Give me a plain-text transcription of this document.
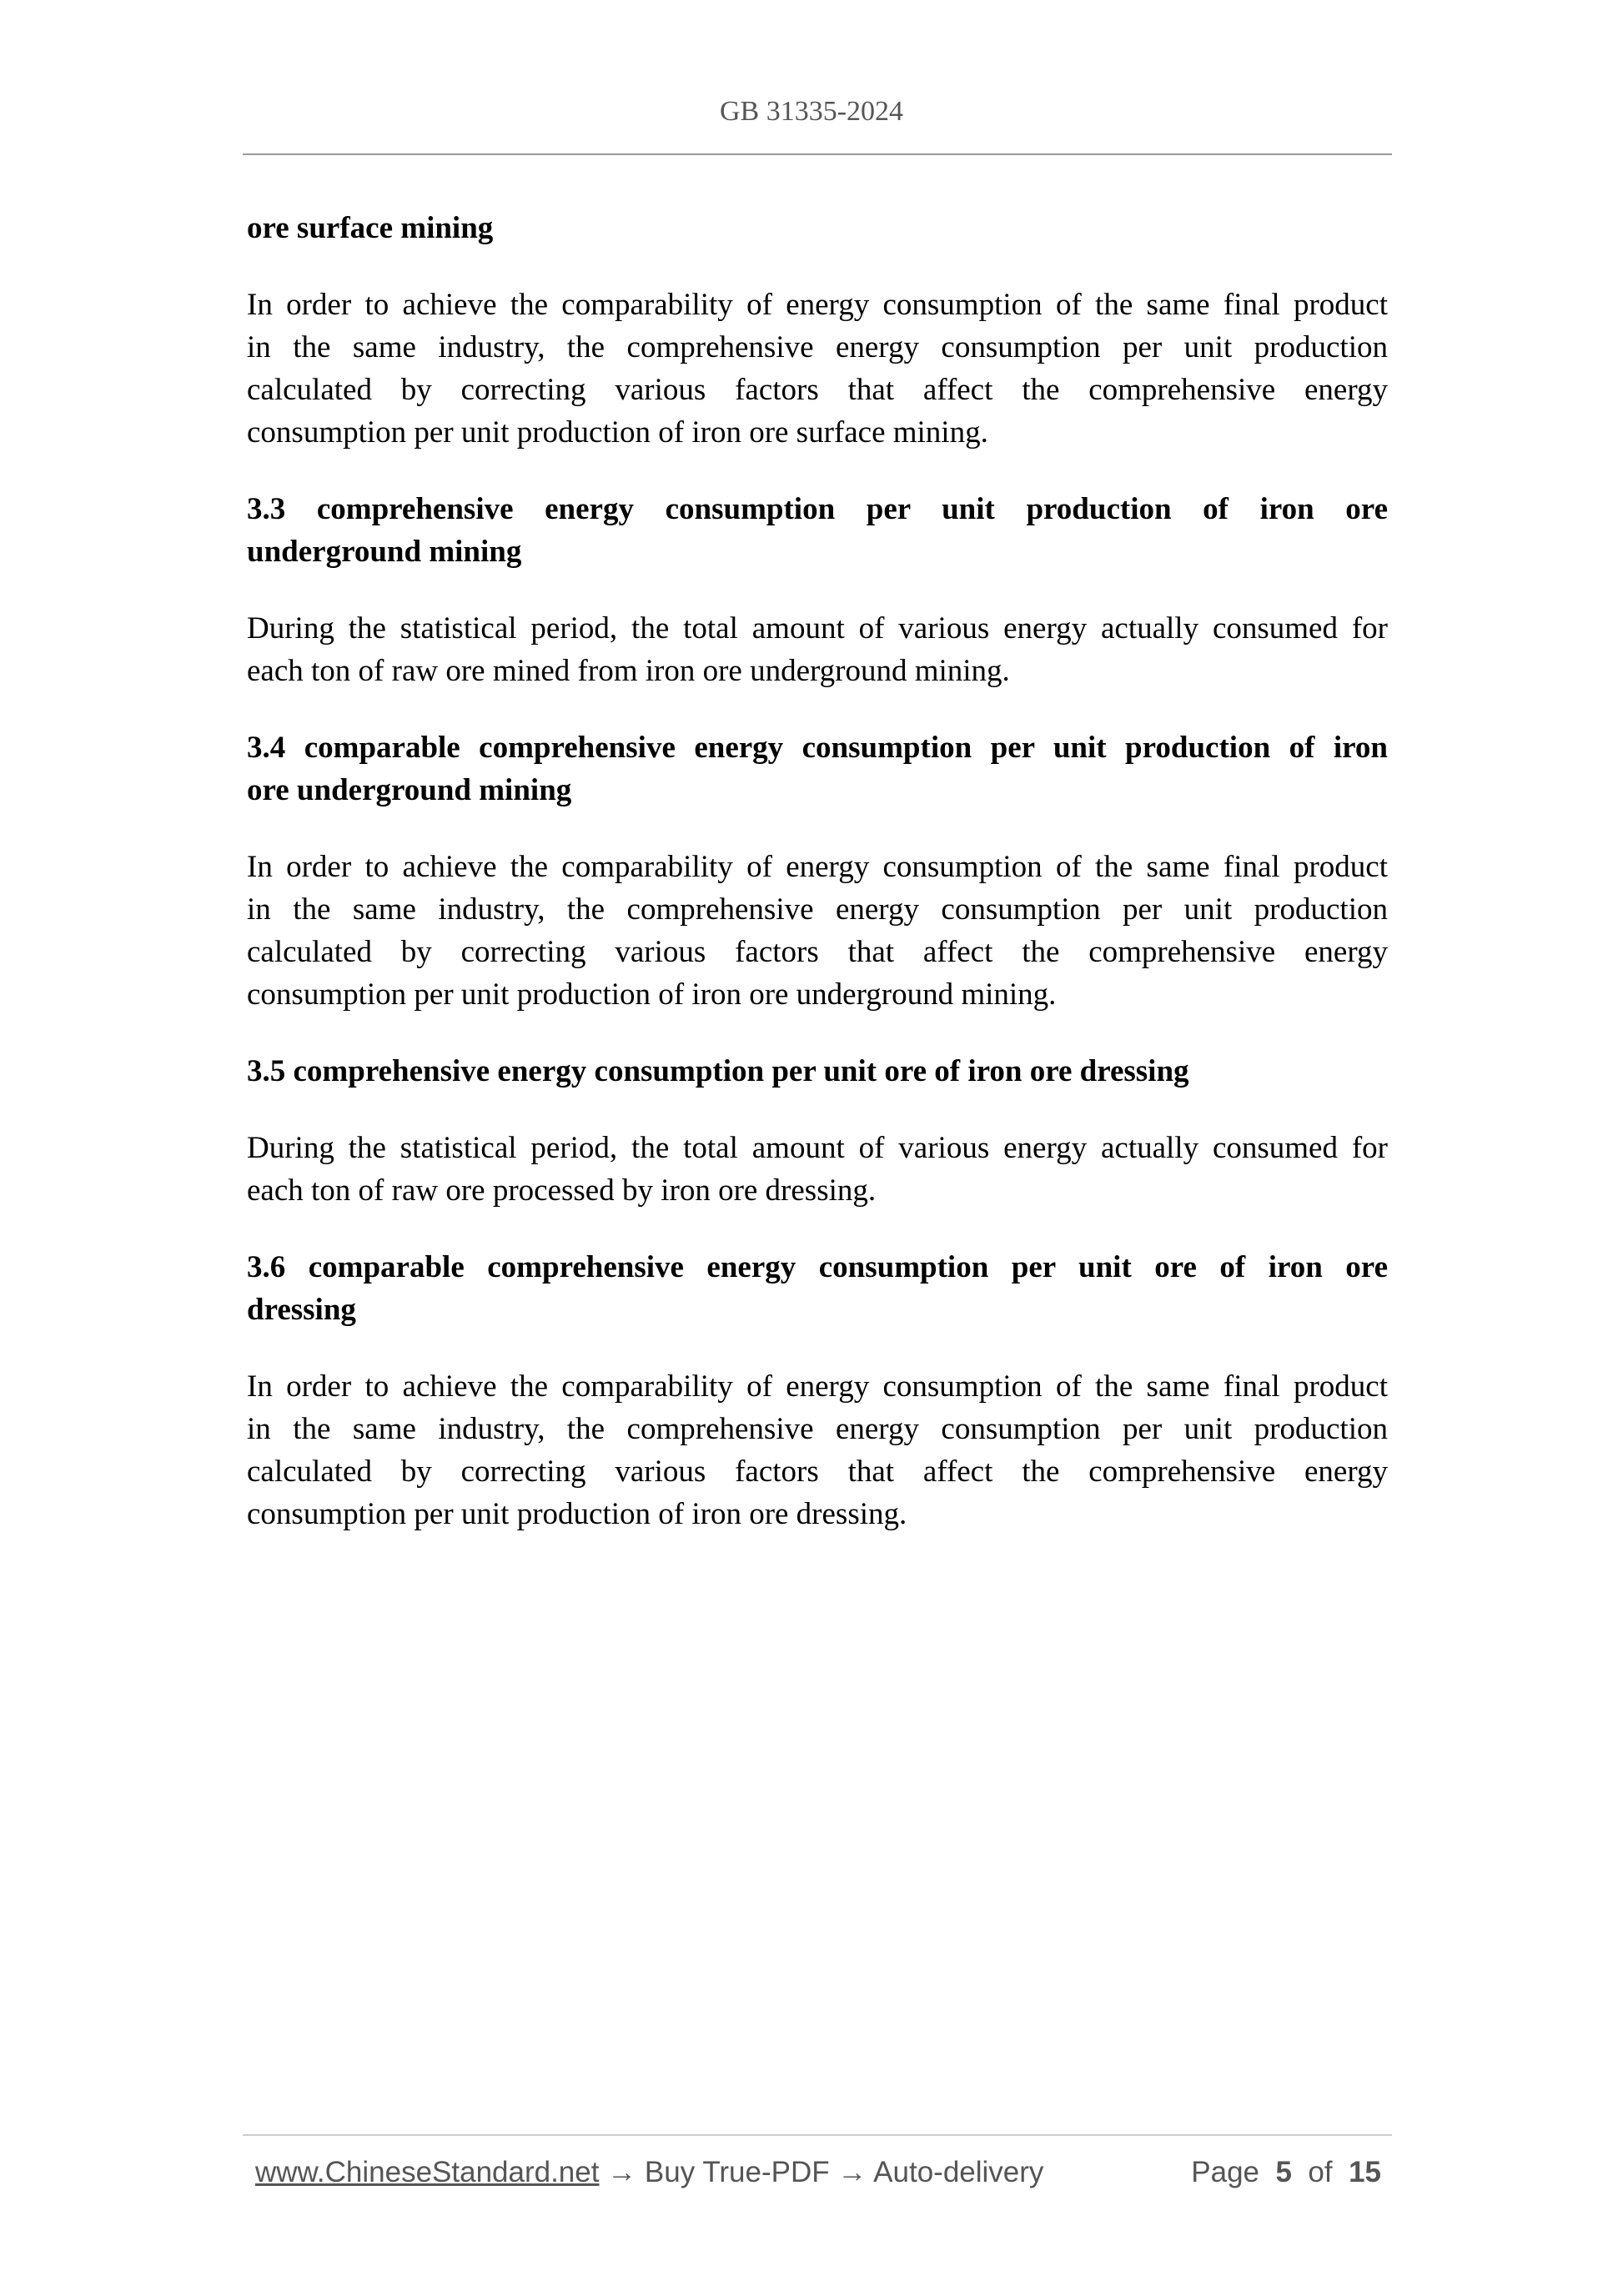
GB 31335-2024
ore surface mining
In order to achieve the comparability of energy consumption of the same final product
in the same industry, the comprehensive energy consumption per unit production
calculated by correcting various factors that affect the comprehensive energy
consumption per unit production of iron ore surface mining.
3.3 comprehensive energy consumption per unit production of iron ore
underground mining
During the statistical period, the total amount of various energy actually consumed for
each ton of raw ore mined from iron ore underground mining.
3.4 comparable comprehensive energy consumption per unit production of iron
ore underground mining
In order to achieve the comparability of energy consumption of the same final product
in the same industry, the comprehensive energy consumption per unit production
calculated by correcting various factors that affect the comprehensive energy
consumption per unit production of iron ore underground mining.
3.5 comprehensive energy consumption per unit ore of iron ore dressing
During the statistical period, the total amount of various energy actually consumed for
each ton of raw ore processed by iron ore dressing.
3.6 comparable comprehensive energy consumption per unit ore of iron ore
dressing
In order to achieve the comparability of energy consumption of the same final product
in the same industry, the comprehensive energy consumption per unit production
calculated by correcting various factors that affect the comprehensive energy
consumption per unit production of iron ore dressing.
www.ChineseStandard.net → Buy True-PDF → Auto-delivery	Page 5 of 15
